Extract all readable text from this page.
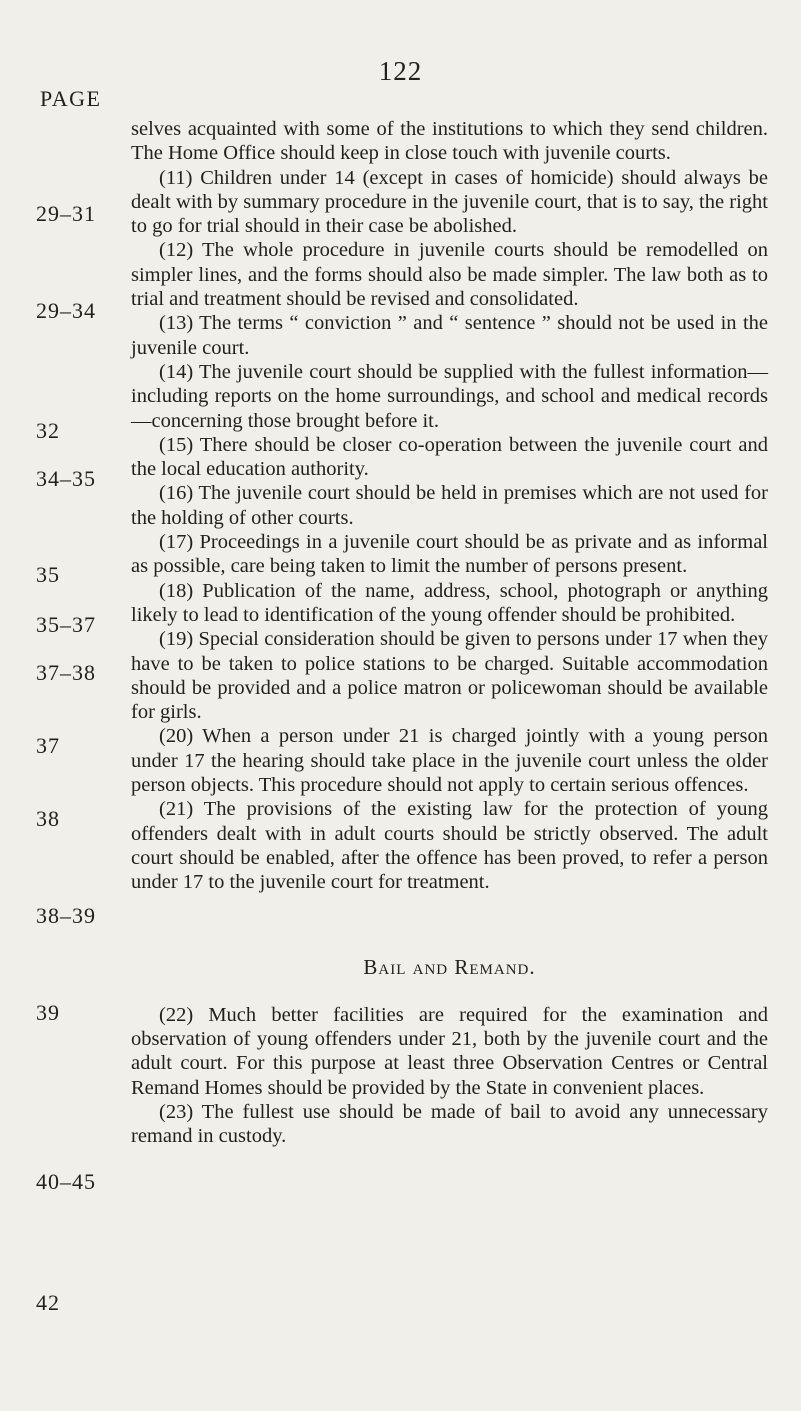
122
PAGE
29–31
29–34
32
34–35
35
35–37
37–38
37
38
38–39
39
40–45
42

selves acquainted with some of the institutions to which they send children. The Home Office should keep in close touch with juvenile courts.

(11) Children under 14 (except in cases of homicide) should always be dealt with by summary procedure in the juvenile court, that is to say, the right to go for trial should in their case be abolished.

(12) The whole procedure in juvenile courts should be remodelled on simpler lines, and the forms should also be made simpler. The law both as to trial and treatment should be revised and consolidated.

(13) The terms “ conviction ” and “ sentence ” should not be used in the juvenile court.

(14) The juvenile court should be supplied with the fullest information—including reports on the home surroundings, and school and medical records—concerning those brought before it.

(15) There should be closer co-operation between the juvenile court and the local education authority.

(16) The juvenile court should be held in premises which are not used for the holding of other courts.

(17) Proceedings in a juvenile court should be as private and as informal as possible, care being taken to limit the number of persons present.

(18) Publication of the name, address, school, photograph or anything likely to lead to identification of the young offender should be prohibited.

(19) Special consideration should be given to persons under 17 when they have to be taken to police stations to be charged. Suitable accommodation should be provided and a police matron or policewoman should be available for girls.

(20) When a person under 21 is charged jointly with a young person under 17 the hearing should take place in the juvenile court unless the older person objects. This procedure should not apply to certain serious offences.

(21) The provisions of the existing law for the protection of young offenders dealt with in adult courts should be strictly observed. The adult court should be enabled, after the offence has been proved, to refer a person under 17 to the juvenile court for treatment.

Bail and Remand.

(22) Much better facilities are required for the examination and observation of young offenders under 21, both by the juvenile court and the adult court. For this purpose at least three Observation Centres or Central Remand Homes should be provided by the State in convenient places.

(23) The fullest use should be made of bail to avoid any unnecessary remand in custody.
